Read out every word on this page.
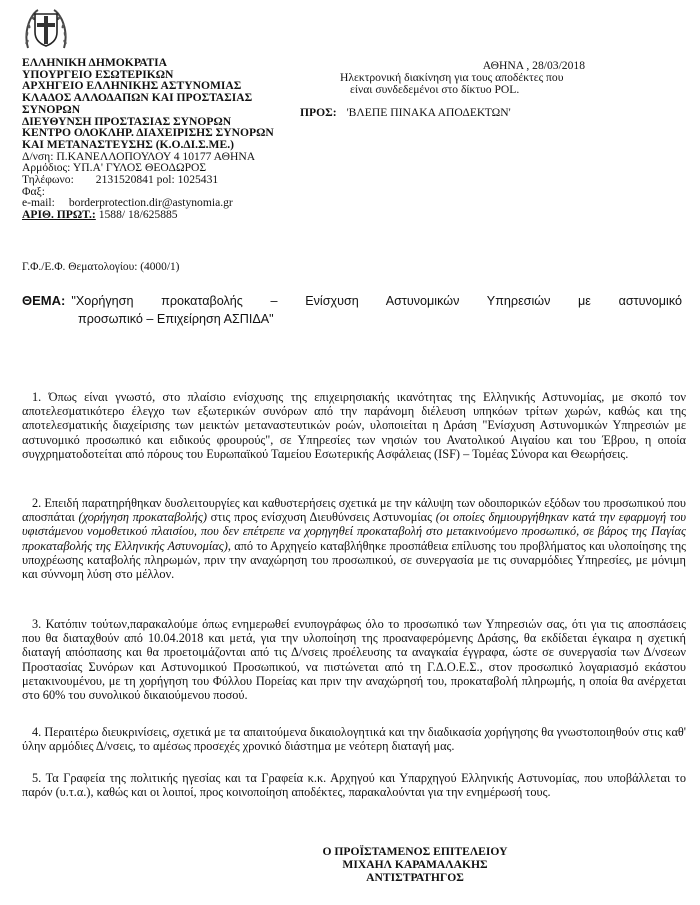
ΕΛΛΗΝΙΚΗ ΔΗΜΟΚΡΑΤΙΑ
ΥΠΟΥΡΓΕΙΟ ΕΣΩΤΕΡΙΚΩΝ
ΑΡΧΗΓΕΙΟ ΕΛΛΗΝΙΚΗΣ ΑΣΤΥΝΟΜΙΑΣ
ΚΛΑΔΟΣ ΑΛΛΟΔΑΠΩΝ ΚΑΙ ΠΡΟΣΤΑΣΙΑΣ
ΣΥΝΟΡΩΝ
ΔΙΕΥΘΥΝΣΗ ΠΡΟΣΤΑΣΙΑΣ ΣΥΝΟΡΩΝ
ΚΕΝΤΡΟ ΟΛΟΚΛΗΡ. ΔΙΑΧΕΙΡΙΣΗΣ ΣΥΝΟΡΩΝ
ΚΑΙ ΜΕΤΑΝΑΣΤΕΥΣΗΣ (Κ.Ο.ΔΙ.Σ.ΜΕ.)
Δ/νση: Π.ΚΑΝΕΛΛΟΠΟΥΛΟΥ 4 10177 ΑΘΗΝΑ
Αρμόδιος: ΥΠ.Α' ΓΥΛΟΣ ΘΕΟΔΩΡΟΣ
Τηλέφωνο: 2131520841 pol: 1025431
Φαξ:
e-mail: borderprotection.dir@astynomia.gr
ΑΡΙΘ. ΠΡΩΤ.: 1588/ 18/625885
ΑΘΗΝΑ , 28/03/2018
Ηλεκτρονική διακίνηση για τους αποδέκτες που
είναι συνδεδεμένοι στο δίκτυο POL.
ΠΡΟΣ: 'ΒΛΕΠΕ ΠΙΝΑΚΑ ΑΠΟΔΕΚΤΩΝ'
Γ.Φ./Ε.Φ. Θεματολογίου: (4000/1)
ΘΕΜΑ: "Χορήγηση προκαταβολής – Ενίσχυση Αστυνομικών Υπηρεσιών με αστυνομικό
προσωπικό – Επιχείρηση ΑΣΠΙΔΑ"
1. Όπως είναι γνωστό, στο πλαίσιο ενίσχυσης της επιχειρησιακής ικανότητας της Ελληνικής Αστυνομίας, με σκοπό τον αποτελεσματικότερο έλεγχο των εξωτερικών συνόρων από την παράνομη διέλευση υπηκόων τρίτων χωρών, καθώς και της αποτελεσματικής διαχείρισης των μεικτών μεταναστευτικών ροών, υλοποιείται η Δράση "Ενίσχυση Αστυνομικών Υπηρεσιών με αστυνομικό προσωπικό και ειδικούς φρουρούς", σε Υπηρεσίες των νησιών του Ανατολικού Αιγαίου και του Έβρου, η οποία συγχρηματοδοτείται από πόρους του Ευρωπαϊκού Ταμείου Εσωτερικής Ασφάλειας (ISF) – Τομέας Σύνορα και Θεωρήσεις.
2. Επειδή παρατηρήθηκαν δυσλειτουργίες και καθυστερήσεις σχετικά με την κάλυψη των οδοιπορικών εξόδων του προσωπικού που αποσπάται (χορήγηση προκαταβολής) στις προς ενίσχυση Διευθύνσεις Αστυνομίας (οι οποίες δημιουργήθηκαν κατά την εφαρμογή του υφιστάμενου νομοθετικού πλαισίου, που δεν επέτρεπε να χορηγηθεί προκαταβολή στο μετακινούμενο προσωπικό, σε βάρος της Παγίας προκαταβολής της Ελληνικής Αστυνομίας), από το Αρχηγείο καταβλήθηκε προσπάθεια επίλυσης του προβλήματος και υλοποίησης της υποχρέωσης καταβολής πληρωμών, πριν την αναχώρηση του προσωπικού, σε συνεργασία με τις συναρμόδιες Υπηρεσίες, με μόνιμη και σύννομη λύση στο μέλλον.
3. Κατόπιν τούτων,παρακαλούμε όπως ενημερωθεί ενυπογράφως όλο το προσωπικό των Υπηρεσιών σας, ότι για τις αποσπάσεις που θα διαταχθούν από 10.04.2018 και μετά, για την υλοποίηση της προαναφερόμενης Δράσης, θα εκδίδεται έγκαιρα η σχετική διαταγή απόσπασης και θα προετοιμάζονται από τις Δ/νσεις προέλευσης τα αναγκαία έγγραφα, ώστε σε συνεργασία των Δ/νσεων Προστασίας Συνόρων και Αστυνομικού Προσωπικού, να πιστώνεται από τη Γ.Δ.Ο.Ε.Σ., στον προσωπικό λογαριασμό εκάστου μετακινουμένου, με τη χορήγηση του Φύλλου Πορείας και πριν την αναχώρησή του, προκαταβολή πληρωμής, η οποία θα ανέρχεται στο 60% του συνολικού δικαιούμενου ποσού.
4. Περαιτέρω διευκρινίσεις, σχετικά με τα απαιτούμενα δικαιολογητικά και την διαδικασία χορήγησης θα γνωστοποιηθούν στις καθ' ύλην αρμόδιες Δ/νσεις, το αμέσως προσεχές χρονικό διάστημα με νεότερη διαταγή μας.
5. Τα Γραφεία της πολιτικής ηγεσίας και τα Γραφεία κ.κ. Αρχηγού και Υπαρχηγού Ελληνικής Αστυνομίας, που υποβάλλεται το παρόν (υ.τ.α.), καθώς και οι λοιποί, προς κοινοποίηση αποδέκτες, παρακαλούνται για την ενημέρωσή τους.
Ο ΠΡΟΪΣΤΑΜΕΝΟΣ ΕΠΙΤΕΛΕΙΟΥ
ΜΙΧΑΗΛ ΚΑΡΑΜΑΛΑΚΗΣ
ΑΝΤΙΣΤΡΑΤΗΓΟΣ
